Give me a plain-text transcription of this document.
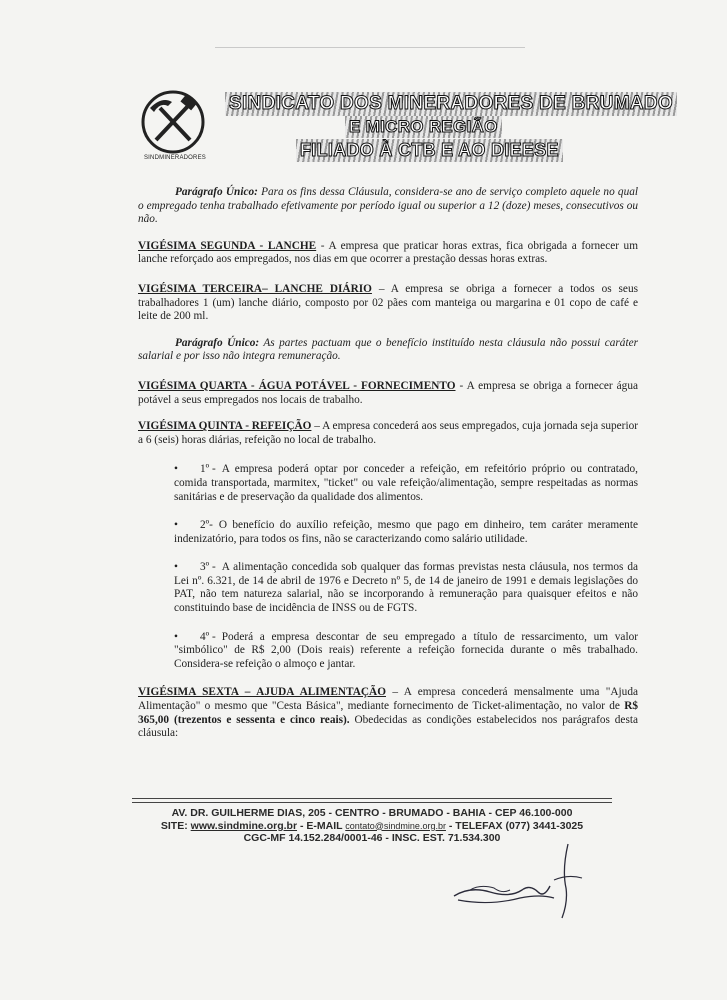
SINDMINERADORES
SINDICATO DOS MINERADORES DE BRUMADO
E MICRO REGIÃO
FILIADO À CTB E AO DIEESE

Parágrafo Único: Para os fins dessa Cláusula, considera-se ano de serviço completo aquele no qual o empregado tenha trabalhado efetivamente por período igual ou superior a 12 (doze) meses, consecutivos ou não.

VIGÉSIMA SEGUNDA - LANCHE - A empresa que praticar horas extras, fica obrigada a fornecer um lanche reforçado aos empregados, nos dias em que ocorrer a prestação dessas horas extras.

VIGÉSIMA TERCEIRA– LANCHE DIÁRIO – A empresa se obriga a fornecer a todos os seus trabalhadores 1 (um) lanche diário, composto por 02 pães com manteiga ou margarina e 01 copo de café e leite de 200 ml.

Parágrafo Único: As partes pactuam que o benefício instituído nesta cláusula não possui caráter salarial e por isso não integra remuneração.

VIGÉSIMA QUARTA - ÁGUA POTÁVEL - FORNECIMENTO - A empresa se obriga a fornecer água potável a seus empregados nos locais de trabalho.

VIGÉSIMA QUINTA - REFEIÇÃO – A empresa concederá aos seus empregados, cuja jornada seja superior a 6 (seis) horas diárias, refeição no local de trabalho.

• 1º - A empresa poderá optar por conceder a refeição, em refeitório próprio ou contratado, comida transportada, marmitex, "ticket" ou vale refeição/alimentação, sempre respeitadas as normas sanitárias e de preservação da qualidade dos alimentos.
• 2º- O benefício do auxílio refeição, mesmo que pago em dinheiro, tem caráter meramente indenizatório, para todos os fins, não se caracterizando como salário utilidade.
• 3º - A alimentação concedida sob qualquer das formas previstas nesta cláusula, nos termos da Lei nº. 6.321, de 14 de abril de 1976 e Decreto nº 5, de 14 de janeiro de 1991 e demais legislações do PAT, não tem natureza salarial, não se incorporando à remuneração para quaisquer efeitos e não constituindo base de incidência de INSS ou de FGTS.
• 4º - Poderá a empresa descontar de seu empregado a título de ressarcimento, um valor "simbólico" de R$ 2,00 (Dois reais) referente a refeição fornecida durante o mês trabalhado. Considera-se refeição o almoço e jantar.

VIGÉSIMA SEXTA – AJUDA ALIMENTAÇÃO – A empresa concederá mensalmente uma "Ajuda Alimentação" o mesmo que "Cesta Básica", mediante fornecimento de Ticket-alimentação, no valor de R$ 365,00 (trezentos e sessenta e cinco reais). Obedecidas as condições estabelecidos nos parágrafos desta cláusula:

AV. DR. GUILHERME DIAS, 205 - CENTRO - BRUMADO - BAHIA - CEP 46.100-000
SITE: www.sindmine.org.br - E-MAIL contato@sindmine.org.br - TELEFAX (077) 3441-3025
CGC-MF 14.152.284/0001-46 - INSC. EST. 71.534.300
